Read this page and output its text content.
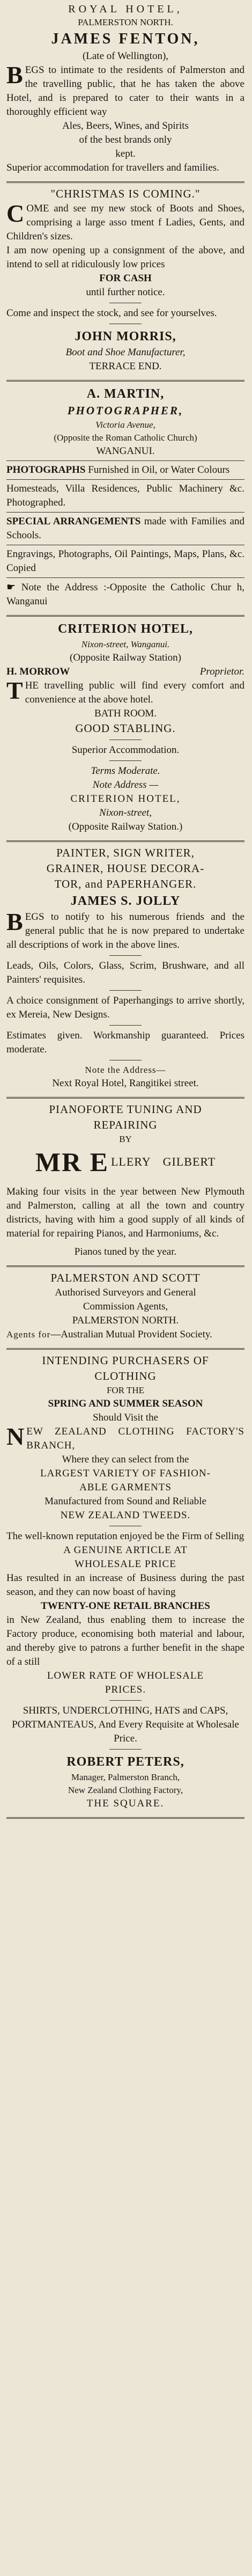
ROYAL HOTEL,
PALMERSTON NORTH.
JAMES FENTON,
(Late of Wellington),
B EGS to intimate to the residents of Palmerston and the travelling public, that he has taken the above Hotel, and is prepared to cater to their wants in a thoroughly efficient way
Ales, Beers, Wines, and Spirits
of the best brands only
kept.
Superior accommodation for travellers and families.
"CHRISTMAS IS COMING."
C OME and see my new stock of Boots and Shoes, comprising a large asso tment f Ladies, Gents, and Children's sizes.
I am now opening up a consignment of the above, and intend to sell at ridiculously low prices
FOR CASH
until further notice.
Come and inspect the stock, and see for yourselves.
JOHN MORRIS,
Boot and Shoe Manufacturer,
TERRACE END.
A. MARTIN,
PHOTOGRAPHER,
Victoria Avenue,
(Opposite the Roman Catholic Church)
WANGANUI.
PHOTOGRAPHS Furnished in Oil, or Water Colours
Homesteads, Villa Residences, Public Machinery &c. Photographed.
SPECIAL ARRANGEMENTS made with Families and Schools.
Engravings, Photographs, Oil Paintings, Maps, Plans, &c. Copied
☛ Note the Address :-Opposite the Catholic Chur h, Wanganui
CRITERION HOTEL,
Nixon-street, Wanganui.
(Opposite Railway Station)
H. MORROW	Proprietor.
T HE travelling public will find every comfort and convenience at the above hotel.
BATH ROOM.
GOOD STABLING.
Superior Accommodation.
Terms Moderate.
Note Address —
CRITERION HOTEL,
Nixon-street,
(Opposite Railway Station.)
PAINTER, SIGN WRITER,
GRAINER, HOUSE DECORA-
TOR, and PAPERHANGER.
JAMES S. JOLLY
B EGS to notify to his numerous friends and the general public that he is now prepared to undertake all descriptions of work in the above lines.
Leads, Oils, Colors, Glass, Scrim, Brushware, and all Painters' requisites.
A choice consignment of Paperhangings to arrive shortly, ex Mereia, New Designs.
Estimates given. Workmanship guaranteed. Prices moderate.
Note the Address—
Next Royal Hotel, Rangitikei street.
PIANOFORTE TUNING AND
REPAIRING
BY
MR E LLERY GILBERT
Making four visits in the year between New Plymouth and Palmerston, calling at all the town and country districts, having with him a good supply of all kinds of material for repairing Pianos, and Harmoniums, &c.
Pianos tuned by the year.
PALMERSTON AND SCOTT
Authorised Surveyors and General
Commission Agents,
PALMERSTON NORTH.
Agents for—Australian Mutual Provident Society.
INTENDING PURCHASERS OF
CLOTHING
FOR THE
SPRING AND SUMMER SEASON
Should Visit the
N EW ZEALAND CLOTHING FACTORY'S BRANCH,
Where they can select from the
LARGEST VARIETY OF FASHION-
ABLE GARMENTS
Manufactured from Sound and Reliable
NEW ZEALAND TWEEDS.
The well-known reputation enjoyed be the Firm of Selling
A GENUINE ARTICLE AT
WHOLESALE PRICE
Has resulted in an increase of Business during the past season, and they can now boast of having
TWENTY-ONE RETAIL BRANCHES
in New Zealand, thus enabling them to increase the Factory produce, economising both material and labour, and thereby give to patrons a further benefit in the shape of a still
LOWER RATE OF WHOLESALE
PRICES.
SHIRTS, UNDERCLOTHING, HATS and CAPS, PORTMANTEAUS, And Every Requisite at Wholesale Price.
ROBERT PETERS,
Manager, Palmerston Branch,
New Zealand Clothing Factory,
THE SQUARE.
